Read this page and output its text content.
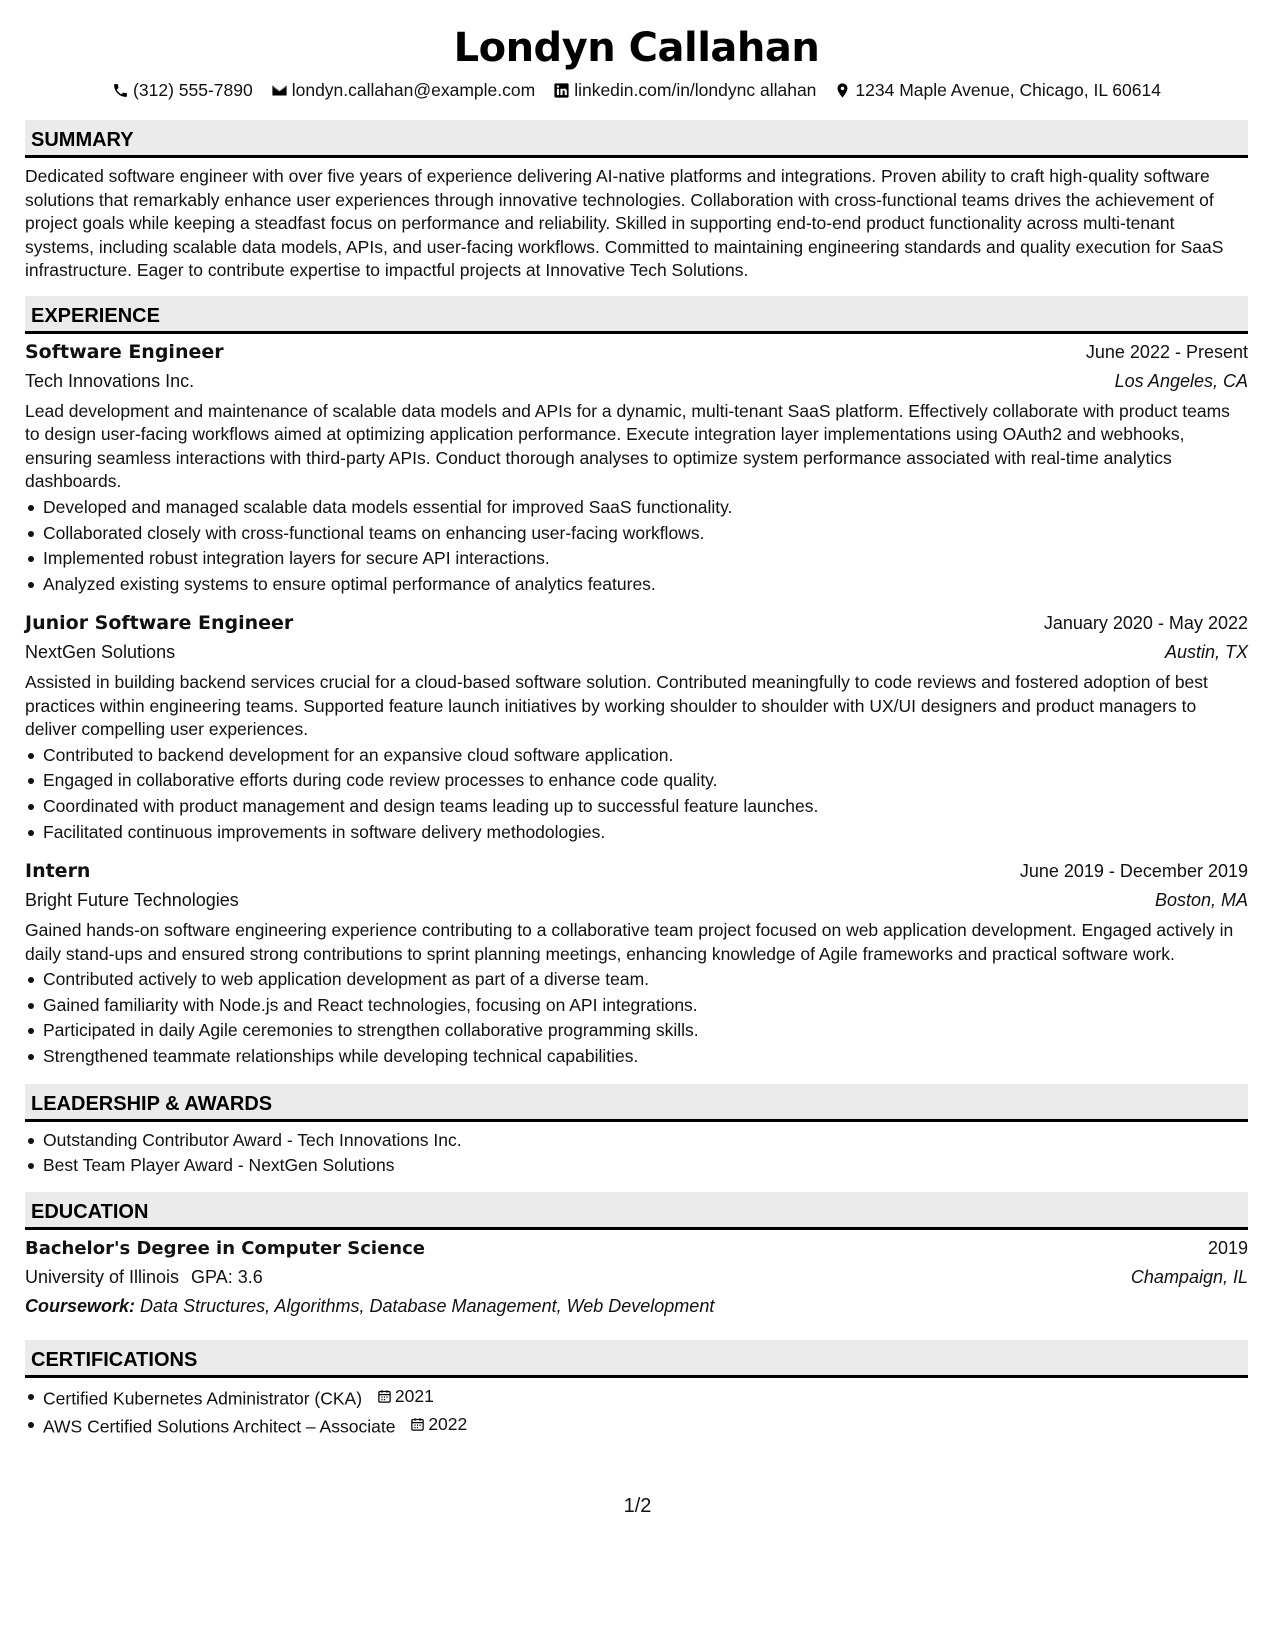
Londyn Callahan
(312) 555-7890 londyn.callahan@example.com linkedin.com/in/londync allahan 1234 Maple Avenue, Chicago, IL 60614
SUMMARY
Dedicated software engineer with over five years of experience delivering AI-native platforms and integrations. Proven ability to craft high-quality software solutions that remarkably enhance user experiences through innovative technologies. Collaboration with cross-functional teams drives the achievement of project goals while keeping a steadfast focus on performance and reliability. Skilled in supporting end-to-end product functionality across multi-tenant systems, including scalable data models, APIs, and user-facing workflows. Committed to maintaining engineering standards and quality execution for SaaS infrastructure. Eager to contribute expertise to impactful projects at Innovative Tech Solutions.
EXPERIENCE
Software Engineer	June 2022 - Present
Tech Innovations Inc.	Los Angeles, CA
Lead development and maintenance of scalable data models and APIs for a dynamic, multi-tenant SaaS platform. Effectively collaborate with product teams to design user-facing workflows aimed at optimizing application performance. Execute integration layer implementations using OAuth2 and webhooks, ensuring seamless interactions with third-party APIs. Conduct thorough analyses to optimize system performance associated with real-time analytics dashboards.
Developed and managed scalable data models essential for improved SaaS functionality.
Collaborated closely with cross-functional teams on enhancing user-facing workflows.
Implemented robust integration layers for secure API interactions.
Analyzed existing systems to ensure optimal performance of analytics features.
Junior Software Engineer	January 2020 - May 2022
NextGen Solutions	Austin, TX
Assisted in building backend services crucial for a cloud-based software solution. Contributed meaningfully to code reviews and fostered adoption of best practices within engineering teams. Supported feature launch initiatives by working shoulder to shoulder with UX/UI designers and product managers to deliver compelling user experiences.
Contributed to backend development for an expansive cloud software application.
Engaged in collaborative efforts during code review processes to enhance code quality.
Coordinated with product management and design teams leading up to successful feature launches.
Facilitated continuous improvements in software delivery methodologies.
Intern	June 2019 - December 2019
Bright Future Technologies	Boston, MA
Gained hands-on software engineering experience contributing to a collaborative team project focused on web application development. Engaged actively in daily stand-ups and ensured strong contributions to sprint planning meetings, enhancing knowledge of Agile frameworks and practical software work.
Contributed actively to web application development as part of a diverse team.
Gained familiarity with Node.js and React technologies, focusing on API integrations.
Participated in daily Agile ceremonies to strengthen collaborative programming skills.
Strengthened teammate relationships while developing technical capabilities.
LEADERSHIP & AWARDS
Outstanding Contributor Award - Tech Innovations Inc.
Best Team Player Award - NextGen Solutions
EDUCATION
Bachelor's Degree in Computer Science	2019
University of Illinois GPA: 3.6	Champaign, IL
Coursework: Data Structures, Algorithms, Database Management, Web Development
CERTIFICATIONS
Certified Kubernetes Administrator (CKA) 2021
AWS Certified Solutions Architect – Associate 2022
1/2
